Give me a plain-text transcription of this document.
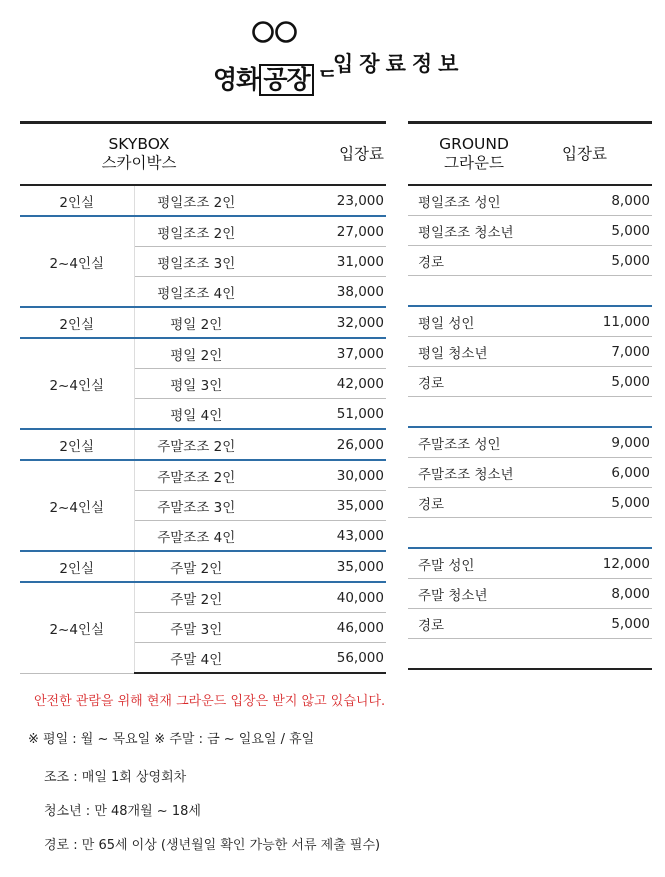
영화 공장 ᄃ
입장료정보
SKYBOX
스카이박스		입장료
2인실	평일조조 2인	23,000
2~4인실	평일조조 2인	27,000
	평일조조 3인	31,000
	평일조조 4인	38,000
2인실	평일 2인	32,000
2~4인실	평일 2인	37,000
	평일 3인	42,000
	평일 4인	51,000
2인실	주말조조 2인	26,000
2~4인실	주말조조 2인	30,000
	주말조조 3인	35,000
	주말조조 4인	43,000
2인실	주말 2인	35,000
2~4인실	주말 2인	40,000
	주말 3인	46,000
	주말 4인	56,000
GROUND
그라운드	입장료
평일조조 성인	8,000
평일조조 청소년	5,000
경로	5,000

평일 성인	11,000
평일 청소년	7,000
경로	5,000

주말조조 성인	9,000
주말조조 청소년	6,000
경로	5,000

주말 성인	12,000
주말 청소년	8,000
경로	5,000

안전한 관람을 위해 현재 그라운드 입장은 받지 않고 있습니다.
※ 평일 : 월 ~ 목요일 ※ 주말 : 금 ~ 일요일 / 휴일
조조 : 매일 1회 상영회차
청소년 : 만 48개월 ~ 18세
경로 : 만 65세 이상 (생년월일 확인 가능한 서류 제출 필수)
